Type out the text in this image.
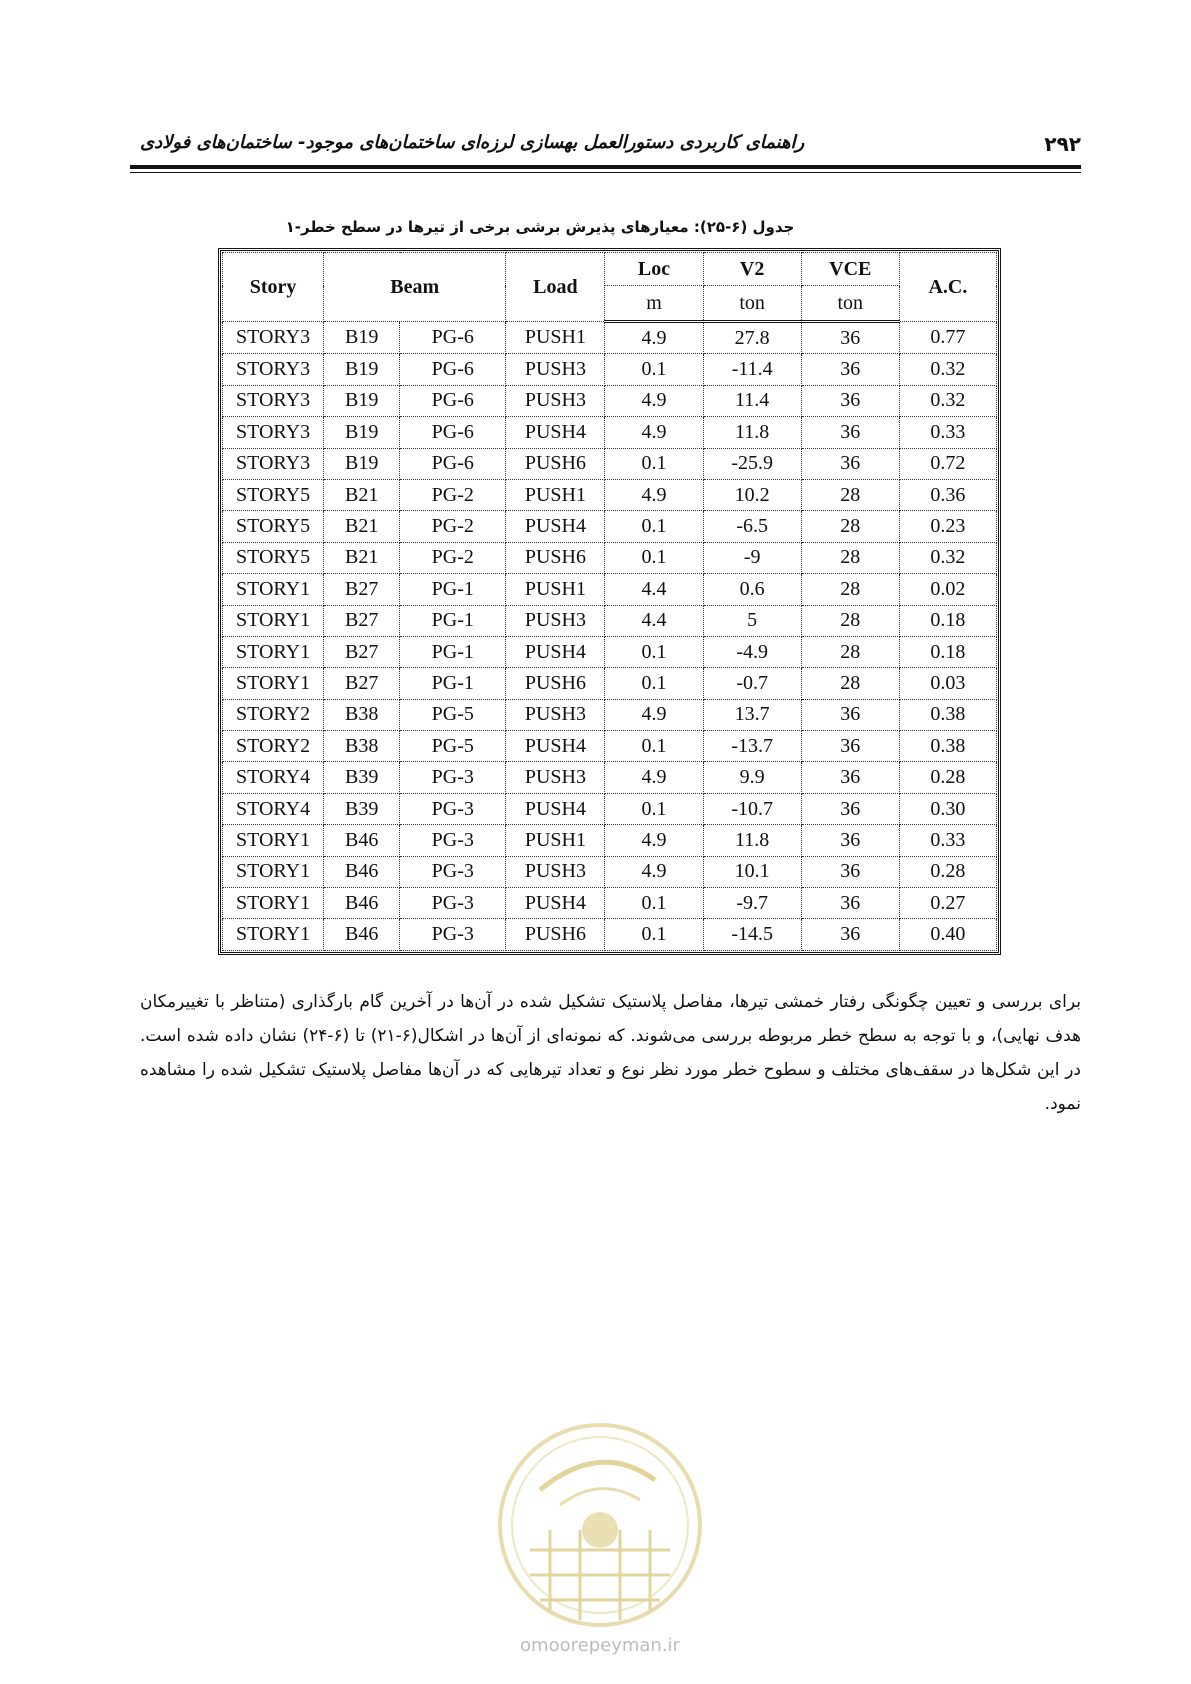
۲۹۲
راهنمای کاربردی دستورالعمل بهسازی لرزه‌ای ساختمان‌های موجود- ساختمان‌های فولادی
جدول (۶-۲۵): معیارهای پذیرش برشی برخی از تیرها در سطح خطر-۱
Story	Beam		Load	Loc	V2	VCE	A.C.
				m	ton	ton	
STORY3	B19	PG-6	PUSH1	4.9	27.8	36	0.77
STORY3	B19	PG-6	PUSH3	0.1	-11.4	36	0.32
STORY3	B19	PG-6	PUSH3	4.9	11.4	36	0.32
STORY3	B19	PG-6	PUSH4	4.9	11.8	36	0.33
STORY3	B19	PG-6	PUSH6	0.1	-25.9	36	0.72
STORY5	B21	PG-2	PUSH1	4.9	10.2	28	0.36
STORY5	B21	PG-2	PUSH4	0.1	-6.5	28	0.23
STORY5	B21	PG-2	PUSH6	0.1	-9	28	0.32
STORY1	B27	PG-1	PUSH1	4.4	0.6	28	0.02
STORY1	B27	PG-1	PUSH3	4.4	5	28	0.18
STORY1	B27	PG-1	PUSH4	0.1	-4.9	28	0.18
STORY1	B27	PG-1	PUSH6	0.1	-0.7	28	0.03
STORY2	B38	PG-5	PUSH3	4.9	13.7	36	0.38
STORY2	B38	PG-5	PUSH4	0.1	-13.7	36	0.38
STORY4	B39	PG-3	PUSH3	4.9	9.9	36	0.28
STORY4	B39	PG-3	PUSH4	0.1	-10.7	36	0.30
STORY1	B46	PG-3	PUSH1	4.9	11.8	36	0.33
STORY1	B46	PG-3	PUSH3	4.9	10.1	36	0.28
STORY1	B46	PG-3	PUSH4	0.1	-9.7	36	0.27
STORY1	B46	PG-3	PUSH6	0.1	-14.5	36	0.40

برای بررسی و تعیین چگونگی رفتار خمشی تیرها، مفاصل پلاستیک تشکیل شده در آن‌ها در آخرین گام بارگذاری (متناظر با تغییرمکان هدف نهایی)، و با توجه به سطح خطر مربوطه بررسی می‌شوند. که نمونه‌ای از آن‌ها در اشکال(۶-۲۱) تا (۶-۲۴) نشان داده شده است. در این شکل‌ها در سقف‌های مختلف و سطوح خطر مورد نظر نوع و تعداد تیرهایی که در آن‌ها مفاصل پلاستیک تشکیل شده را مشاهده نمود.

omoorepeyman.ir
